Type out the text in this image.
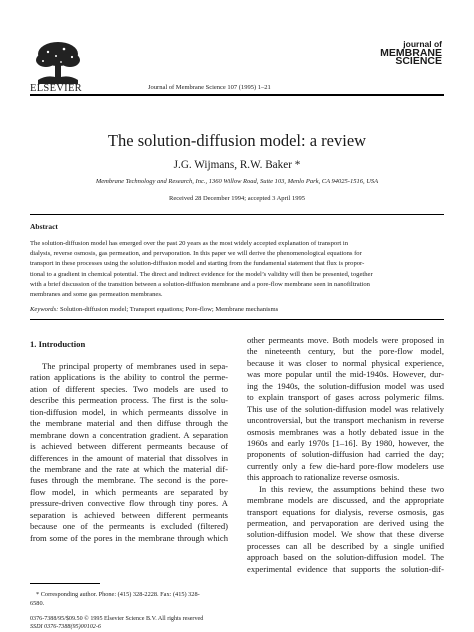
ELSEVIER	Journal of Membrane Science 107 (1995) 1–21
journal of
MEMBRANE
SCIENCE
The solution-diffusion model: a review
J.G. Wijmans, R.W. Baker *
Membrane Technology and Research, Inc., 1360 Willow Road, Suite 103, Menlo Park, CA 94025-1516, USA
Received 28 December 1994; accepted 3 April 1995
Abstract
The solution-diffusion model has emerged over the past 20 years as the most widely accepted explanation of transport in
dialysis, reverse osmosis, gas permeation, and pervaporation. In this paper we will derive the phenomenological equations for
transport in these processes using the solution-diffusion model and starting from the fundamental statement that flux is propor-
tional to a gradient in chemical potential. The direct and indirect evidence for the model’s validity will then be presented, together
with a brief discussion of the transition between a solution-diffusion membrane and a pore-flow membrane seen in nanofiltration
membranes and some gas permeation membranes.
Keywords: Solution-diffusion model; Transport equations; Pore-flow; Membrane mechanisms
1. Introduction
The principal property of membranes used in sepa-
ration applications is the ability to control the perme-
ation of different species. Two models are used to
describe this permeation process. The first is the solu-
tion-diffusion model, in which permeants dissolve in
the membrane material and then diffuse through the
membrane down a concentration gradient. A separation
is achieved between different permeants because of
differences in the amount of material that dissolves in
the membrane and the rate at which the material dif-
fuses through the membrane. The second is the pore-
flow model, in which permeants are separated by
pressure-driven convective flow through tiny pores. A
separation is achieved between different permeants
because one of the permeants is excluded (filtered)
from some of the pores in the membrane through which
other permeants move. Both models were proposed in
the nineteenth century, but the pore-flow model,
because it was closer to normal physical experience,
was more popular until the mid-1940s. However, dur-
ing the 1940s, the solution-diffusion model was used
to explain transport of gases across polymeric films.
This use of the solution-diffusion model was relatively
uncontroversial, but the transport mechanism in reverse
osmosis membranes was a hotly debated issue in the
1960s and early 1970s [1–16]. By 1980, however, the
proponents of solution-diffusion had carried the day;
currently only a few die-hard pore-flow modelers use
this approach to rationalize reverse osmosis.
In this review, the assumptions behind these two
membrane models are discussed, and the appropriate
transport equations for dialysis, reverse osmosis, gas
permeation, and pervaporation are derived using the
solution-diffusion model. We show that these diverse
processes can all be described by a single unified
approach based on the solution-diffusion model. The
experimental evidence that supports the solution-dif-
* Corresponding author. Phone: (415) 328-2228. Fax: (415) 328-
6580.
0376-7388/95/$09.50 © 1995 Elsevier Science B.V. All rights reserved
SSDI 0376-7388(95)00102-6
